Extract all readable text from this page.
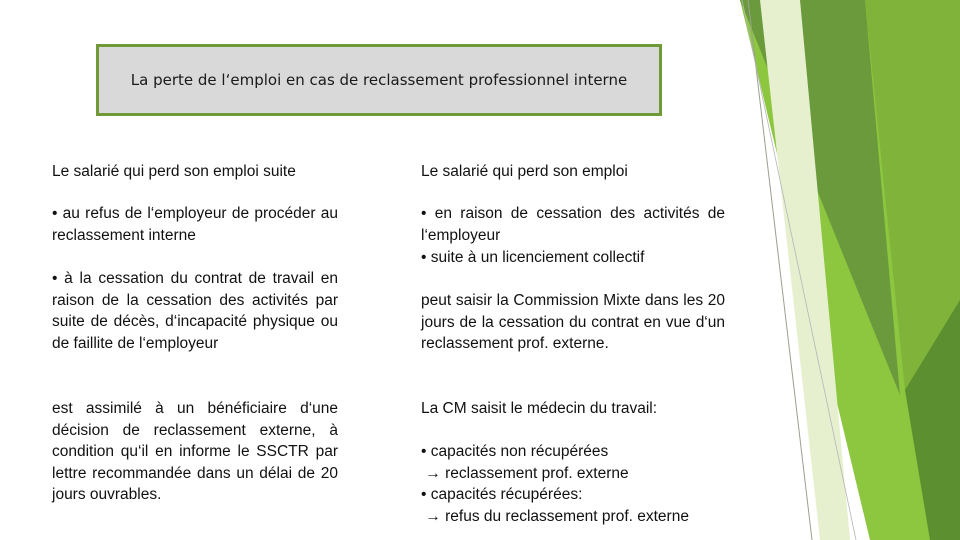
La perte de l‘emploi en cas de reclassement professionnel interne
Le salarié qui perd son emploi suite
• au refus de l‘employeur de procéder au reclassement interne
• à la cessation du contrat de travail en raison de la cessation des activités par suite de décès, d‘incapacité physique ou de faillite de l‘employeur
est assimilé à un bénéficiaire d‘une décision de reclassement externe, à condition qu‘il en informe le SSCTR par lettre recommandée dans un délai de 20 jours ouvrables.
Le salarié qui perd son emploi
• en raison de cessation des activités de l‘employeur
• suite à un licenciement collectif
peut saisir la Commission Mixte dans les 20 jours de la cessation du contrat en vue d‘un reclassement prof. externe.
La CM saisit le médecin du travail:
• capacités non récupérées
→ reclassement prof. externe
• capacités récupérées:
→ refus du reclassement prof. externe
